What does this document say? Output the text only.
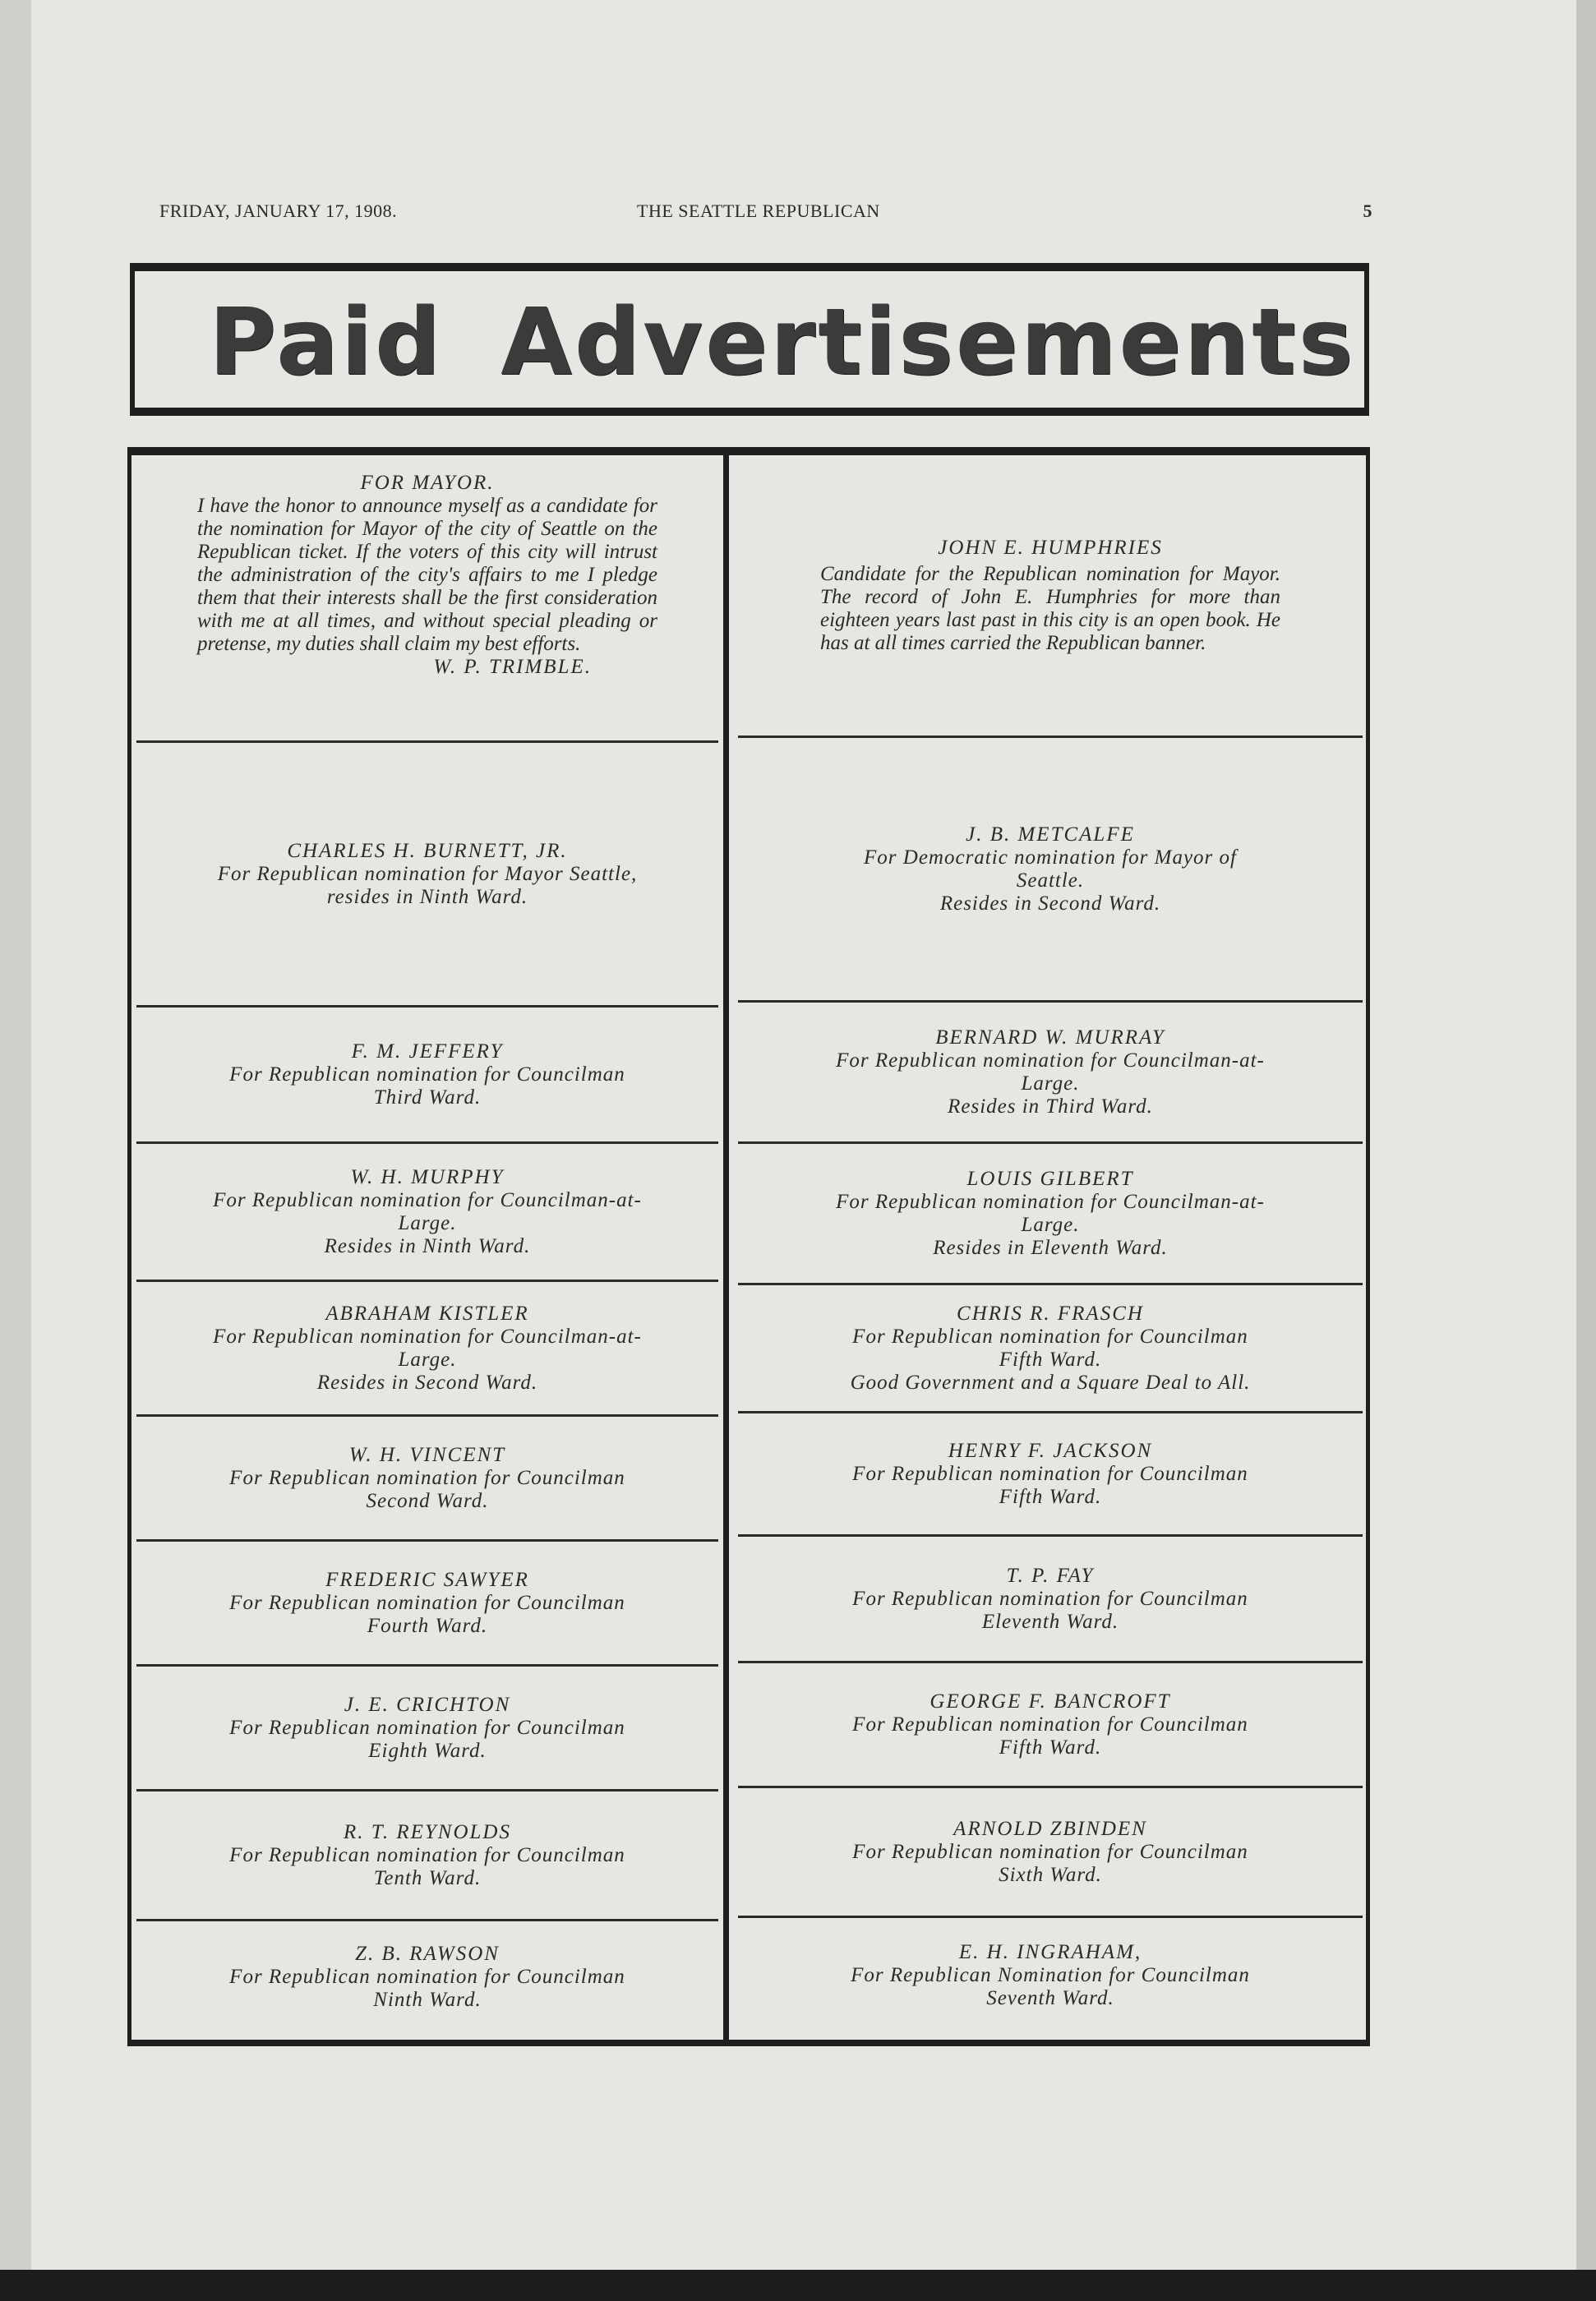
FRIDAY, JANUARY 17, 1908.	THE SEATTLE REPUBLICAN	5
Paid Advertisements
FOR MAYOR.
I have the honor to announce myself as a candidate for the nomination for Mayor of the city of Seattle on the Republican ticket. If the voters of this city will intrust the administration of the city's affairs to me I pledge them that their interests shall be the first consideration with me at all times, and without special pleading or pretense, my duties shall claim my best efforts.
W. P. TRIMBLE.
CHARLES H. BURNETT, JR.
For Republican nomination for Mayor Seattle,
resides in Ninth Ward.
F. M. JEFFERY
For Republican nomination for Councilman
Third Ward.
W. H. MURPHY
For Republican nomination for Councilman-at-
Large.
Resides in Ninth Ward.
ABRAHAM KISTLER
For Republican nomination for Councilman-at-
Large.
Resides in Second Ward.
W. H. VINCENT
For Republican nomination for Councilman
Second Ward.
FREDERIC SAWYER
For Republican nomination for Councilman
Fourth Ward.
J. E. CRICHTON
For Republican nomination for Councilman
Eighth Ward.
R. T. REYNOLDS
For Republican nomination for Councilman
Tenth Ward.
Z. B. RAWSON
For Republican nomination for Councilman
Ninth Ward.
JOHN E. HUMPHRIES
Candidate for the Republican nomination for Mayor. The record of John E. Humphries for more than eighteen years last past in this city is an open book. He has at all times carried the Republican banner.
J. B. METCALFE
For Democratic nomination for Mayor of
Seattle.
Resides in Second Ward.
BERNARD W. MURRAY
For Republican nomination for Councilman-at-
Large.
Resides in Third Ward.
LOUIS GILBERT
For Republican nomination for Councilman-at-
Large.
Resides in Eleventh Ward.
CHRIS R. FRASCH
For Republican nomination for Councilman
Fifth Ward.
Good Government and a Square Deal to All.
HENRY F. JACKSON
For Republican nomination for Councilman
Fifth Ward.
T. P. FAY
For Republican nomination for Councilman
Eleventh Ward.
GEORGE F. BANCROFT
For Republican nomination for Councilman
Fifth Ward.
ARNOLD ZBINDEN
For Republican nomination for Councilman
Sixth Ward.
E. H. INGRAHAM,
For Republican Nomination for Councilman
Seventh Ward.
